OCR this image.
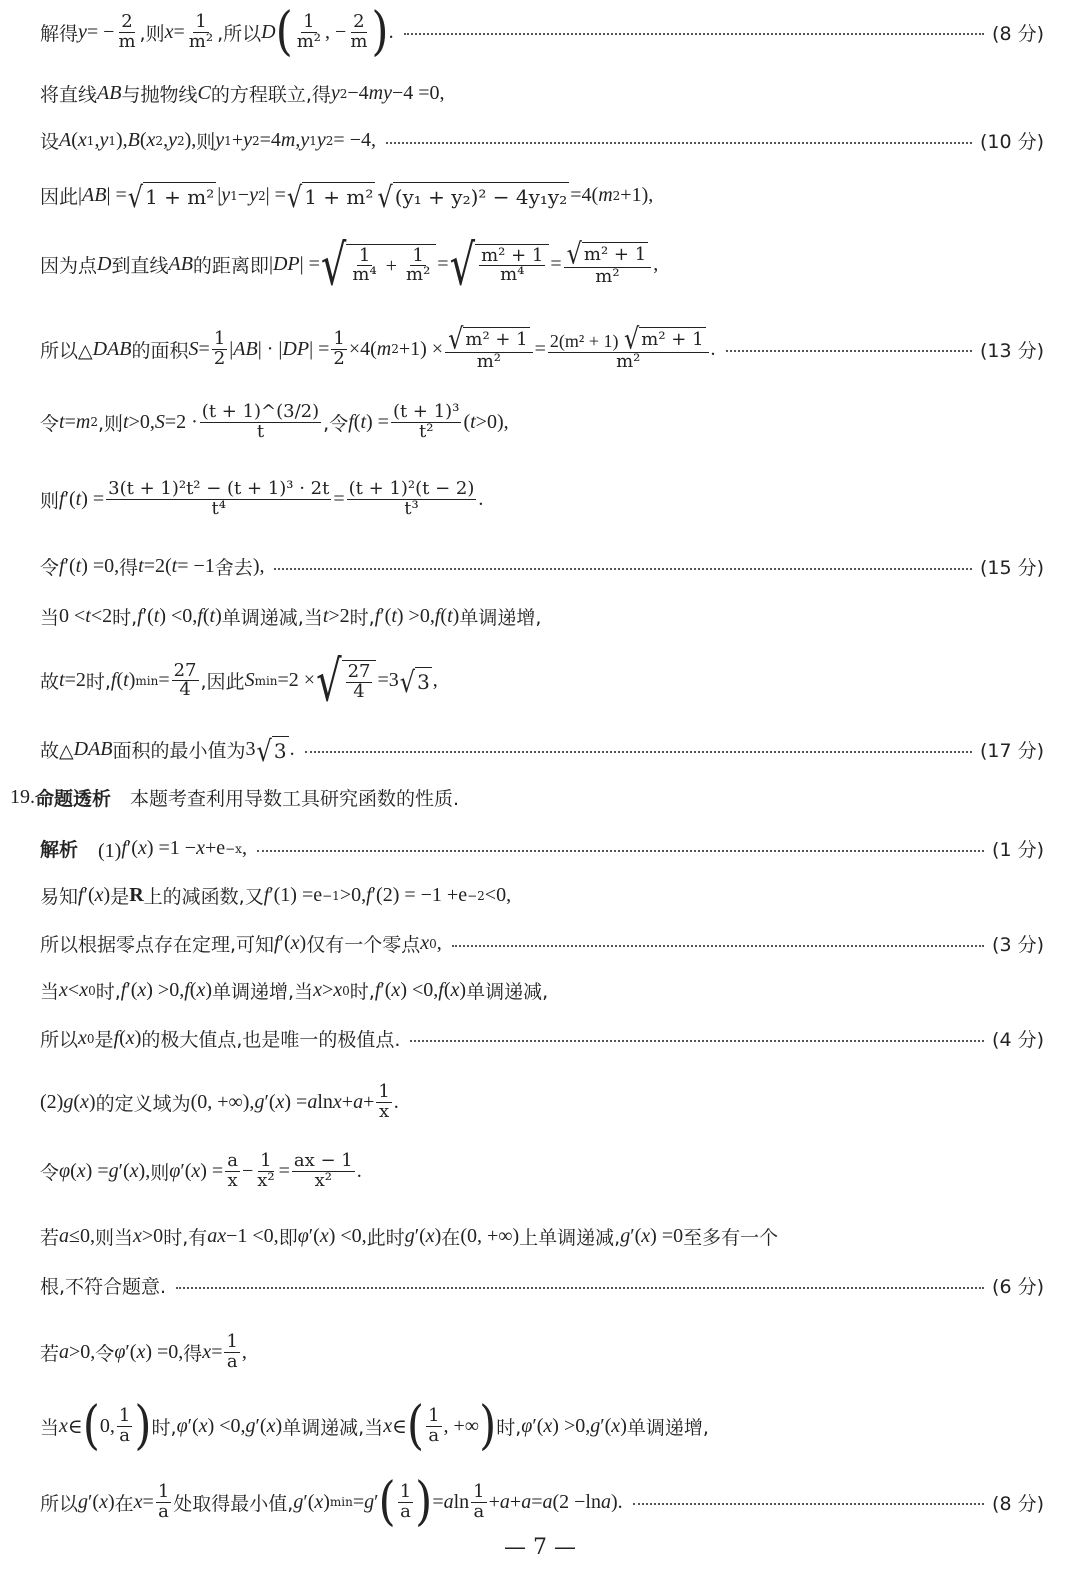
解得 y = − $\frac{2}{m}$ ,则 $x = \frac{1}{\text{m²}}$ ,所以 D ( $\frac{1}{\text{m²}}$ , − $\frac{2}{m}$ ) .	(8 分)
将直线 AB 与抛物线 C 的方程联立,得 y 2 −4 my −4 =0,
设 A ( x 1 , y 1 ), B ( x 2 , y 2 ), 则 y 1 + y 2 =4 m , y 1 y 2 = −4,	(10 分)
因此 | AB | = √ 1 + m² | y 1 − y 2 | = √ 1 + m² √ (y₁ + y₂)² − 4y₁y₂ =4( m 2 +1),
因为点 D 到直线 AB 的距离即 | DP | = √ $\frac{1}{\text{m⁴}} + \frac{1}{\text{m²}}$ = √ $\frac{\text{m² + 1}}{\text{m⁴}} = \frac{\text{√ m² + 1}}{\text{m²}}$ ,
所以△ DAB 的面积 $S = \frac{1}{2}$ | AB | · | DP | = $\frac{1}{2} \times 4$( m $2 +1) \times \frac{\text{√ m² + 1}}{\text{m²}} = \frac{\text{2(m² + 1) √ m² + 1}}{\text{m²}}$ .	(13 分)
令 t = m 2 ,则 t >0, $S =2 \cdot \frac{(t + 1)\^{}(3/2)}{t}$ ,令 f ( t ) = $\frac{\text{(t + 1)³}}{\text{t²}}$ ( t >0),
则 f ′( t ) = $\frac{\text{3(t + 1)²t² − (t + 1)³ · 2t}}{\text{t⁴}} = \frac{\text{(t + 1)²(t − 2)}}{\text{t³}}$ .
令 f ′( t ) =0, 得 t =2( t = −1 舍去 ),	(15 分)
当 0 < t <2 时, f ′( t ) <0, f ( t ) 单调递减,当 t >2 时, f ′( t ) >0, f ( t ) 单调递增,
故 t =2 时, f ( t ) $\min = \frac{27}{4}$ ,因此 S min =2 × √ $\frac{27}{4} =3$ √ 3 ,
故△ DAB 面积的最小值为 3 √ 3 .	(17 分)
19. 命题透析 　本题考查利用导数工具研究函数的性质.
解析 　(1) f ′( x ) =1 − x +e −x ,	(1 分)
易知 f ′( x ) 是 R 上的减函数,又 f ′(1) =e −1 >0, f ′(2) = −1 +e −2 <0,
所以根据零点存在定理,可知 f ′( x ) 仅有一个零点 x 0 ,	(3 分)
当 x < x 0 时, f ′( x ) >0, f ( x ) 单调递增,当 x > x 0 时, f ′( x ) <0, f ( x ) 单调递减,
所以 x 0 是 f ( x ) 的极大值点,也是唯一的极值点.	(4 分)
(2) g ( x ) 的定义域为 (0, +∞), g ′( x ) = a $\ln x + a + \frac{1}{x}$ .
令 φ ( x ) = g ′( x ), 则 φ ′( x ) = $\frac{a}{x} - \frac{1}{\text{x²}} = \frac{ax - 1}{\text{x²}}$ .
若 a ≤0, 则当 x >0 时,有 ax −1 <0, 即 φ ′( x ) <0, 此时 g ′( x ) 在 (0, +∞) 上单调递减, g ′( x ) =0 至多有一个
根,不符合题意.	(6 分)
若 a >0, 令 φ ′( x ) =0, 得 $x = \frac{1}{a}$ ,
当 x ∈ ( 0, $\frac{1}{a}$ ) 时, φ ′( x ) <0, g ′( x ) 单调递减,当 x ∈ ( $\frac{1}{a}$ , +∞ ) 时, φ ′( x ) >0, g ′( x ) 单调递增,
所以 g ′( x ) 在 $x = \frac{1}{a}$ 处取得最小值, g ′( x ) min = g ′ ( $\frac{1}{a}$ ) = a $\ln \frac{1}{a} + a + a = a$ (2 −ln a ).	(8 分)
— 7 —
